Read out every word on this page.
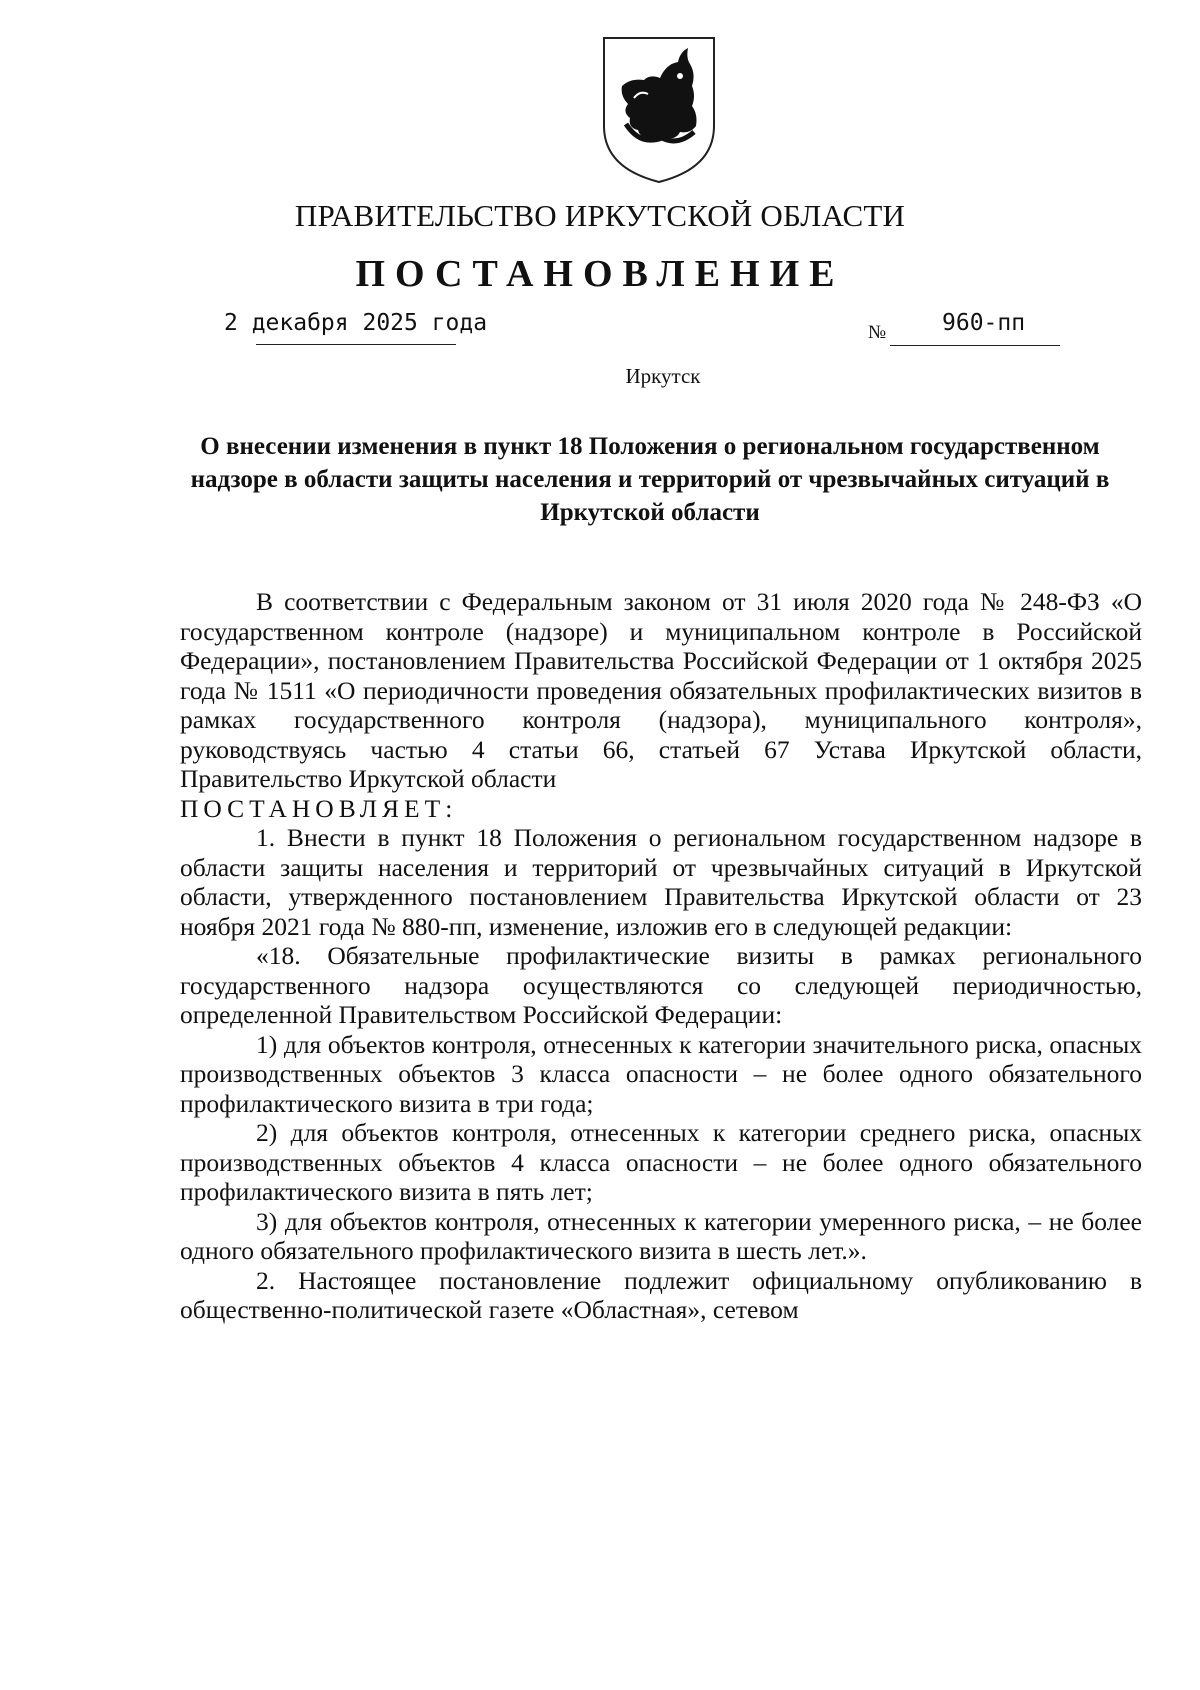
ПРАВИТЕЛЬСТВО ИРКУТСКОЙ ОБЛАСТИ
ПОСТАНОВЛЕНИЕ
2 декабря 2025 года	№ 960-пп
Иркутск
О внесении изменения в пункт 18 Положения о региональном государственном надзоре в области защиты населения и территорий от чрезвычайных ситуаций в Иркутской области

В соответствии с Федеральным законом от 31 июля 2020 года № 248-ФЗ «О государственном контроле (надзоре) и муниципальном контроле в Российской Федерации», постановлением Правительства Российской Федерации от 1 октября 2025 года № 1511 «О периодичности проведения обязательных профилактических визитов в рамках государственного контроля (надзора), муниципального контроля», руководствуясь частью 4 статьи 66, статьей 67 Устава Иркутской области, Правительство Иркутской области

ПОСТАНОВЛЯЕТ:

1. Внести в пункт 18 Положения о региональном государственном надзоре в области защиты населения и территорий от чрезвычайных ситуаций в Иркутской области, утвержденного постановлением Правительства Иркутской области от 23 ноября 2021 года № 880-пп, изменение, изложив его в следующей редакции:

«18. Обязательные профилактические визиты в рамках регионального государственного надзора осуществляются со следующей периодичностью, определенной Правительством Российской Федерации:

1) для объектов контроля, отнесенных к категории значительного риска, опасных производственных объектов 3 класса опасности – не более одного обязательного профилактического визита в три года;

2) для объектов контроля, отнесенных к категории среднего риска, опасных производственных объектов 4 класса опасности – не более одного обязательного профилактического визита в пять лет;

3) для объектов контроля, отнесенных к категории умеренного риска, – не более одного обязательного профилактического визита в шесть лет.».

2. Настоящее постановление подлежит официальному опубликованию в общественно-политической газете «Областная», сетевом
